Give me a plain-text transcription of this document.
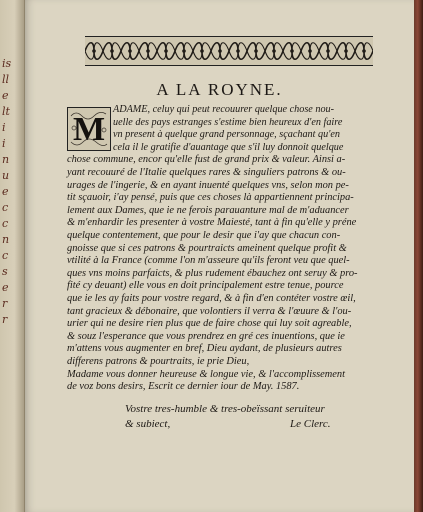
is
ll
e
lt
i
i
n
u
e
c
c
n
c
s
e
r
r
A LA ROYNE.
M
ADAME, celuy qui peut recouurer quelque chose nou-
uelle des pays estranges s'estime bien heureux d'en faire
vn present à quelque grand personnage, sçachant qu'en
cela il le gratifie d'auantage que s'il luy donnoit quelque
chose commune, encor qu'elle fust de grand prix & valeur. Ainsi a-
yant recouuré de l'Italie quelques rares & singuliers patrons & ou-
urages de l'ingerie, & en ayant inuenté quelques vns, selon mon pe-
tit sçauoir, i'ay pensé, puis que ces choses là appartiennent principa-
lement aux Dames, que ie ne ferois parauanture mal de m'aduancer
& m'enhardir les presenter à vostre Maiesté, tant à fin qu'elle y préne
quelque contentement, que pour le desir que i'ay que chacun con-
gnoisse que si ces patrons & pourtraicts ameinent quelque profit &
vtilité à la France (comme l'on m'asseure qu'ils feront veu que quel-
ques vns moins parfaicts, & plus rudement ébauchez ont seruy & pro-
fité cy deuant) elle vous en doit principalement estre tenue, pource
que ie les ay faits pour vostre regard, & à fin d'en contéter vostre œil,
tant gracieux & débonaire, que volontiers il verra & l'œuure & l'ou-
urier qui ne desire rien plus que de faire chose qui luy soit agreable,
& souz l'esperance que vous prendrez en gré ces inuentions, que ie
m'attens vous augmenter en bref, Dieu aydant, de plusieurs autres
differens patrons & pourtraits, ie prie Dieu,
Madame vous donner heureuse & longue vie, & l'accomplissement
de voz bons desirs, Escrit ce dernier iour de May. 1587.
Vostre tres-humble & tres-obeïssant seruiteur
& subiect,	Le Clerc.
